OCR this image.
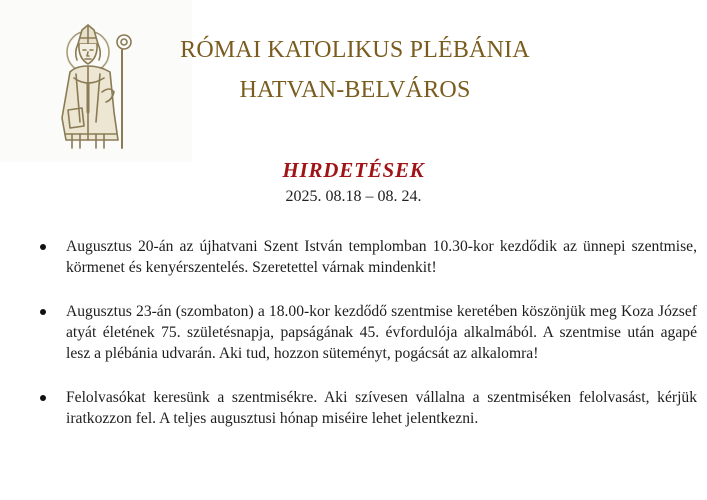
RÓMAI KATOLIKUS PLÉBÁNIA
HATVAN-BELVÁROS
HIRDETÉSEK
2025. 08.18 – 08. 24.
Augusztus 20-án az újhatvani Szent István templomban 10.30-kor kezdődik az ünnepi szentmise, körmenet és kenyérszentelés. Szeretettel várnak mindenkit!
Augusztus 23-án (szombaton) a 18.00-kor kezdődő szentmise keretében köszönjük meg Koza József atyát életének 75. születésnapja, papságának 45. évfordulója alkalmából. A szentmise után agapé lesz a plébánia udvarán. Aki tud, hozzon süteményt, pogácsát az alkalomra!
Felolvasókat keresünk a szentmisékre. Aki szívesen vállalna a szentmiséken felolvasást, kérjük iratkozzon fel. A teljes augusztusi hónap miséire lehet jelentkezni.
